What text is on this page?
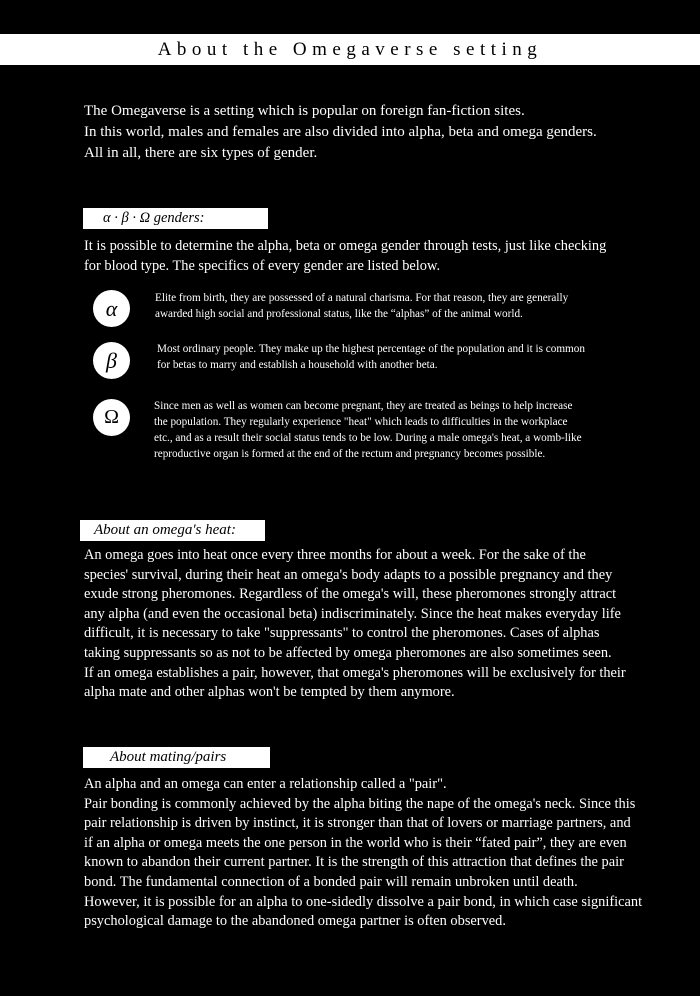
About the Omegaverse setting

The Omegaverse is a setting which is popular on foreign fan-fiction sites.
In this world, males and females are also divided into alpha, beta and omega genders.
All in all, there are six types of gender.

α · β · Ω genders:

It is possible to determine the alpha, beta or omega gender through tests, just like checking
for blood type. The specifics of every gender are listed below.

α	Elite from birth, they are possessed of a natural charisma. For that reason, they are generally
awarded high social and professional status, like the “alphas” of the animal world.

β	Most ordinary people. They make up the highest percentage of the population and it is common
for betas to marry and establish a household with another beta.

Ω	Since men as well as women can become pregnant, they are treated as beings to help increase
the population. They regularly experience "heat" which leads to difficulties in the workplace
etc., and as a result their social status tends to be low. During a male omega's heat, a womb-like
reproductive organ is formed at the end of the rectum and pregnancy becomes possible.

About an omega's heat:

An omega goes into heat once every three months for about a week. For the sake of the
species' survival, during their heat an omega's body adapts to a possible pregnancy and they
exude strong pheromones. Regardless of the omega's will, these pheromones strongly attract
any alpha (and even the occasional beta) indiscriminately. Since the heat makes everyday life
difficult, it is necessary to take "suppressants" to control the pheromones. Cases of alphas
taking suppressants so as not to be affected by omega pheromones are also sometimes seen.
If an omega establishes a pair, however, that omega's pheromones will be exclusively for their
alpha mate and other alphas won't be tempted by them anymore.

About mating/pairs

An alpha and an omega can enter a relationship called a "pair".
Pair bonding is commonly achieved by the alpha biting the nape of the omega's neck. Since this
pair relationship is driven by instinct, it is stronger than that of lovers or marriage partners, and
if an alpha or omega meets the one person in the world who is their “fated pair”, they are even
known to abandon their current partner. It is the strength of this attraction that defines the pair
bond. The fundamental connection of a bonded pair will remain unbroken until death.
However, it is possible for an alpha to one-sidedly dissolve a pair bond, in which case significant
psychological damage to the abandoned omega partner is often observed.
